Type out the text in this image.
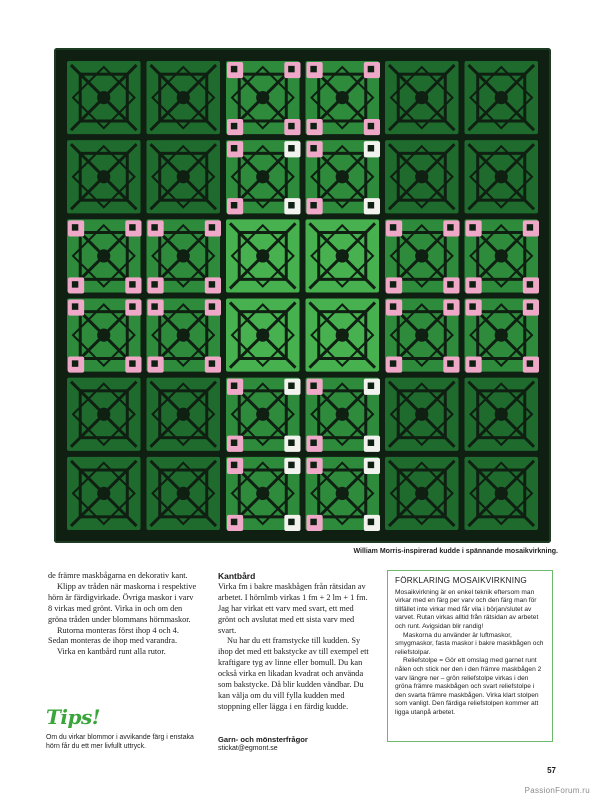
William Morris-inspirerad kudde i spännande mosaikvirkning.

de främre maskbågarna en dekorativ kant.

Klipp av tråden när maskorna i respektive hörn är färdigvirkade. Övriga maskor i varv 8 virkas med grönt. Virka in och om den gröna tråden under blommans hörnmaskor.

Rutorna monteras först ihop 4 och 4. Sedan monteras de ihop med varandra.

Virka en kantbård runt alla rutor.

Kantbård

Virka fm i bakre maskbågen från rätsidan av arbetet. I hörnlmb virkas 1 fm + 2 lm + 1 fm. Jag har virkat ett varv med svart, ett med grönt och avslutat med ett sista varv med svart.

Nu har du ett framstycke till kudden. Sy ihop det med ett bakstycke av till exempel ett kraftigare tyg av linne eller bomull. Du kan också virka en likadan kvadrat och använda som bakstycke. Då blir kudden vändbar. Du kan välja om du vill fylla kudden med stoppning eller lägga i en färdig kudde.

Tips!
Om du virkar blommor i avvikande färg i enstaka hörn får du ett mer livfullt uttryck.
Garn- och mönsterfrågor
stickat@egmont.se
FÖRKLARING MOSAIKVIRKNING

Mosaikvirkning är en enkel teknik eftersom man virkar med en färg per varv och den färg man för tillfället inte virkar med får vila i början/slutet av varvet. Rutan virkas alltid från rätsidan av arbetet och runt. Avigsidan blir randig!

Maskorna du använder är luftmaskor, smygmaskor, fasta maskor i bakre maskbågen och reliefstolpar.

Reliefstolpe = Gör ett omslag med garnet runt nålen och stick ner den i den främre maskbågen 2 varv längre ner – grön reliefstolpe virkas i den gröna främre maskbågen och svart reliefstolpe i den svarta främre maskbågen. Virka klart stolpen som vanligt. Den färdiga reliefstolpen kommer att ligga utanpå arbetet.

57
PassionForum.ru
